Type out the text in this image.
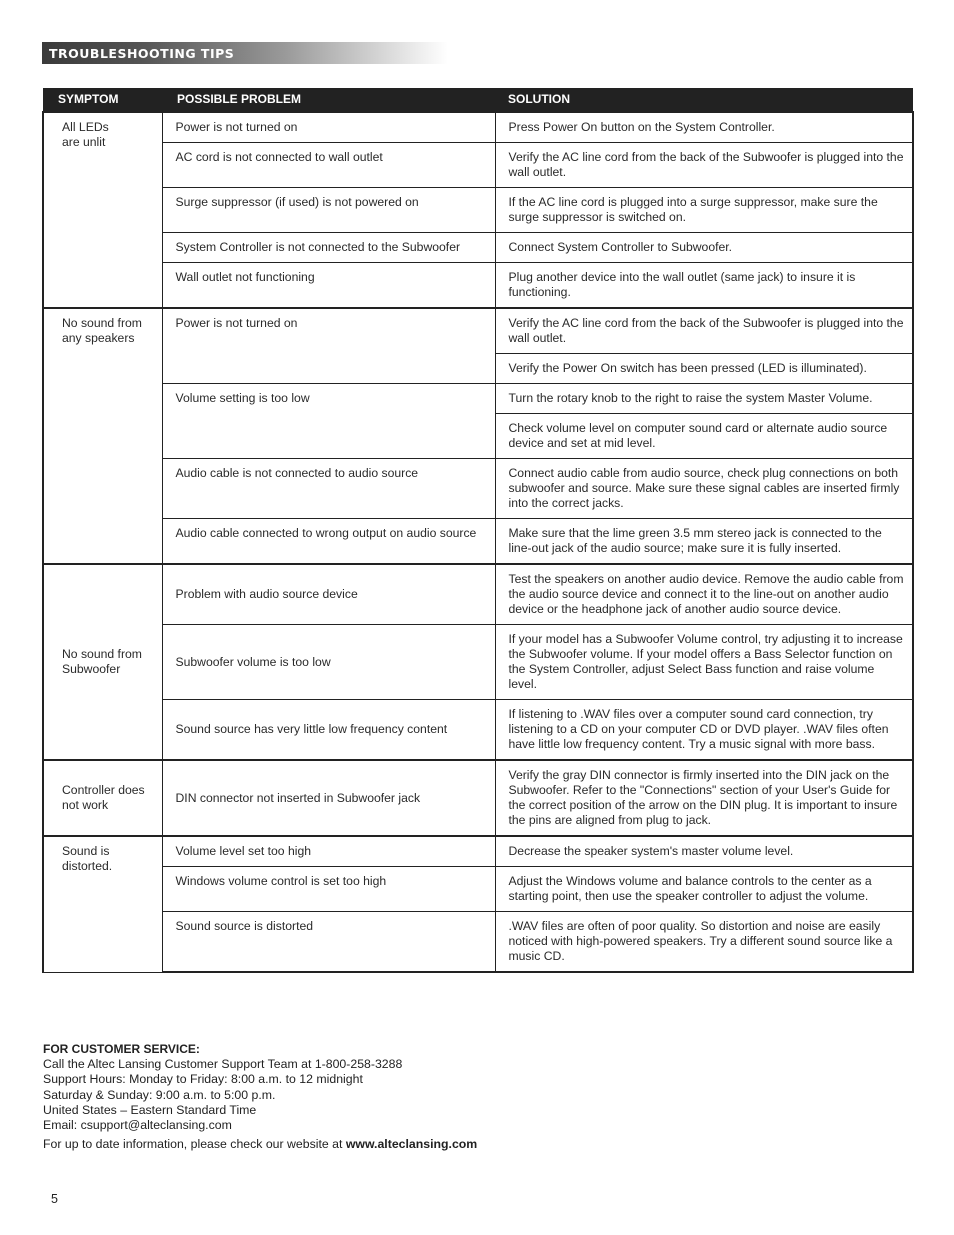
TROUBLESHOOTING TIPS
SYMPTOM	POSSIBLE PROBLEM	SOLUTION

All LEDs
are unlit	Power is not turned on	Press Power On button on the System Controller.
	AC cord is not connected to wall outlet	Verify the AC line cord from the back of the Subwoofer is plugged into the wall outlet.
	Surge suppressor (if used) is not powered on	If the AC line cord is plugged into a surge suppressor, make sure the surge suppressor is switched on.
	System Controller is not connected to the Subwoofer	Connect System Controller to Subwoofer.
	Wall outlet not functioning	Plug another device into the wall outlet (same jack) to insure it is functioning.

No sound from
any speakers	Power is not turned on	Verify the AC line cord from the back of the Subwoofer is plugged into the wall outlet.
		Verify the Power On switch has been pressed (LED is illuminated).
	Volume setting is too low	Turn the rotary knob to the right to raise the system Master Volume.
		Check volume level on computer sound card or alternate audio source device and set at mid level.
	Audio cable is not connected to audio source	Connect audio cable from audio source, check plug connections on both subwoofer and source. Make sure these signal cables are inserted firmly into the correct jacks.
	Audio cable connected to wrong output on audio source	Make sure that the lime green 3.5 mm stereo jack is connected to the line-out jack of the audio source; make sure it is fully inserted.

No sound from
Subwoofer	Problem with audio source device	Test the speakers on another audio device. Remove the audio cable from the audio source device and connect it to the line-out on another audio device or the headphone jack of another audio source device.
	Subwoofer volume is too low	If your model has a Subwoofer Volume control, try adjusting it to increase the Subwoofer volume. If your model offers a Bass Selector function on the System Controller, adjust Select Bass function and raise volume level.
	Sound source has very little low frequency content	If listening to .WAV files over a computer sound card connection, try listening to a CD on your computer CD or DVD player. .WAV files often have little low frequency content. Try a music signal with more bass.

Controller does
not work	DIN connector not inserted in Subwoofer jack	Verify the gray DIN connector is firmly inserted into the DIN jack on the Subwoofer. Refer to the "Connections" section of your User's Guide for the correct position of the arrow on the DIN plug. It is important to insure the pins are aligned from plug to jack.

Sound is
distorted.	Volume level set too high	Decrease the speaker system's master volume level.
	Windows volume control is set too high	Adjust the Windows volume and balance controls to the center as a starting point, then use the speaker controller to adjust the volume.
	Sound source is distorted	.WAV files are often of poor quality. So distortion and noise are easily noticed with high-powered speakers. Try a different sound source like a music CD.
FOR CUSTOMER SERVICE:
Call the Altec Lansing Customer Support Team at 1-800-258-3288
Support Hours: Monday to Friday: 8:00 a.m. to 12 midnight
Saturday & Sunday: 9:00 a.m. to 5:00 p.m.
United States – Eastern Standard Time
Email: csupport@alteclansing.com
For up to date information, please check our website at www.alteclansing.com
5
